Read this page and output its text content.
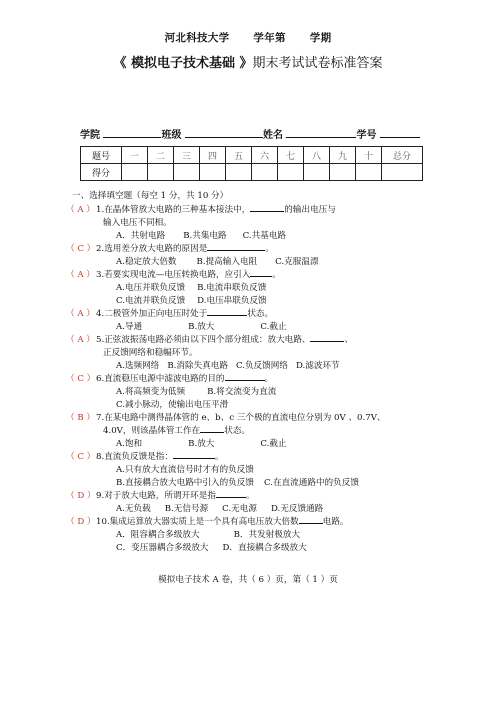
河北科技大学 学年第 学期
《 模拟电子技术基础 》期末考试试卷标准答案
学院	班级	姓名	学号
题号	一	二	三	四	五	六	七	八	九	十	总分
得分											
一、选择填空题（每空 1 分，共 10 分）
（ A ）1.在晶体管放大电路的三种基本接法中，	的输出电压与
输入电压不同相。
A．共射电路 B.共集电路 C.共基电路
（ C ）2.选用差分放大电路的原因是	。
A.稳定放大倍数 B.提高输入电阻 C.克服温漂
（ A ）3.若要实现电流—电压转换电路，应引入	。
A.电压并联负反馈 B.电流串联负反馈
C.电流并联负反馈 D.电压串联负反馈
（ A ）4.二极管外加正向电压时处于	状态。
A.导通	B.放大	C.截止
（ A ）5.正弦波振荡电路必须由以下四个部分组成：放大电路、	、
正反馈网络和稳幅环节。
A.选频网络 B.消除失真电路 C.负反馈网络 D.滤波环节
（ C ）6.直流稳压电源中滤波电路的目的	。
A.将高频变为低频	B.将交流变为直流
C.减小脉动，使输出电压平滑
（ B ）7.在某电路中测得晶体管的 e、b、c 三个极的直流电位分别为 0V 、0.7V、
4.0V，则该晶体管工作在	状态。
A.饱和	B.放大	C.截止
（ C ）8.直流负反馈是指：	。
A.只有放大直流信号时才有的负反馈
B.直接耦合放大电路中引入的负反馈 C.在直流通路中的负反馈
（ D ）9.对于放大电路，所谓开环是指	。
A.无负载 B.无信号源 C.无电源 D.无反馈通路
（ D ）10.集成运算放大器实质上是一个具有高电压放大倍数	电路。
A．阻容耦合多级放大	B．共发射极放大
C．变压器耦合多级放大 D．直接耦合多级放大
模拟电子技术 A 卷，共（ 6 ）页，第（ 1 ）页
